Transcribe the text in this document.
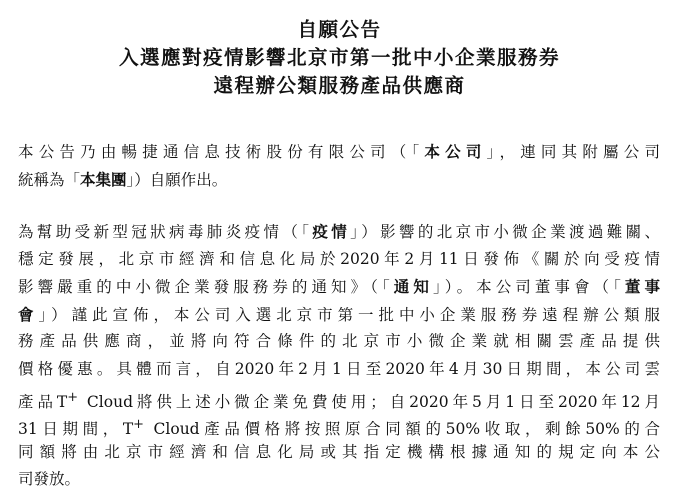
自願公告
入選應對疫情影響北京市第一批中小企業服務券
遠程辦公類服務產品供應商
本公告乃由暢捷通信息技術股份有限公司（「本公司」，連同其附屬公司
統稱為「本集團」）自願作出。
為幫助受新型冠狀病毒肺炎疫情（「疫情」）影響的北京市小微企業渡過難關、
穩定發展，北京市經濟和信息化局於2020年2月11日發佈《關於向受疫情
影響嚴重的中小微企業發服務券的通知》（「通知」）。本公司董事會（「董事
會」）謹此宣佈，本公司入選北京市第一批中小企業服務券遠程辦公類服
務產品供應商，並將向符合條件的北京市小微企業就相關雲產品提供
價格優惠。具體而言，自2020年2月1日至2020年4月30日期間，本公司雲
產品T+ Cloud將供上述小微企業免費使用；自2020年5月1日至2020年12月
31日期間，T+ Cloud產品價格將按照原合同額的50%收取，剩餘50%的合
同額將由北京市經濟和信息化局或其指定機構根據通知的規定向本公
司發放。
